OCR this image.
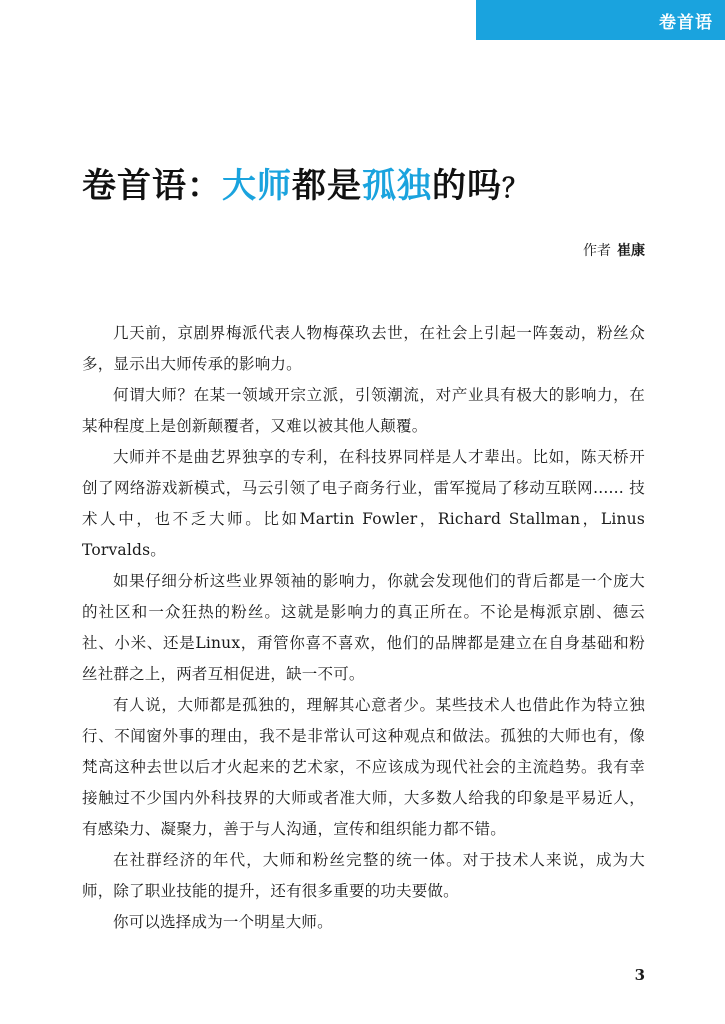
卷首语
卷首语：大师都是孤独的吗？
作者 崔康

几天前，京剧界梅派代表人物梅葆玖去世，在社会上引起一阵轰动，粉丝众多，显示出大师传承的影响力。

何谓大师？在某一领域开宗立派，引领潮流，对产业具有极大的影响力，在某种程度上是创新颠覆者，又难以被其他人颠覆。

大师并不是曲艺界独享的专利，在科技界同样是人才辈出。比如，陈天桥开创了网络游戏新模式，马云引领了电子商务行业，雷军搅局了移动互联网...... 技术人中，也不乏大师。比如Martin Fowler，Richard Stallman，Linus Torvalds。

如果仔细分析这些业界领袖的影响力，你就会发现他们的背后都是一个庞大的社区和一众狂热的粉丝。这就是影响力的真正所在。不论是梅派京剧、德云社、小米、还是Linux，甭管你喜不喜欢，他们的品牌都是建立在自身基础和粉丝社群之上，两者互相促进，缺一不可。

有人说，大师都是孤独的，理解其心意者少。某些技术人也借此作为特立独行、不闻窗外事的理由，我不是非常认可这种观点和做法。孤独的大师也有，像梵高这种去世以后才火起来的艺术家，不应该成为现代社会的主流趋势。我有幸接触过不少国内外科技界的大师或者准大师，大多数人给我的印象是平易近人，有感染力、凝聚力，善于与人沟通，宣传和组织能力都不错。

在社群经济的年代，大师和粉丝完整的统一体。对于技术人来说，成为大师，除了职业技能的提升，还有很多重要的功夫要做。

你可以选择成为一个明星大师。

3
